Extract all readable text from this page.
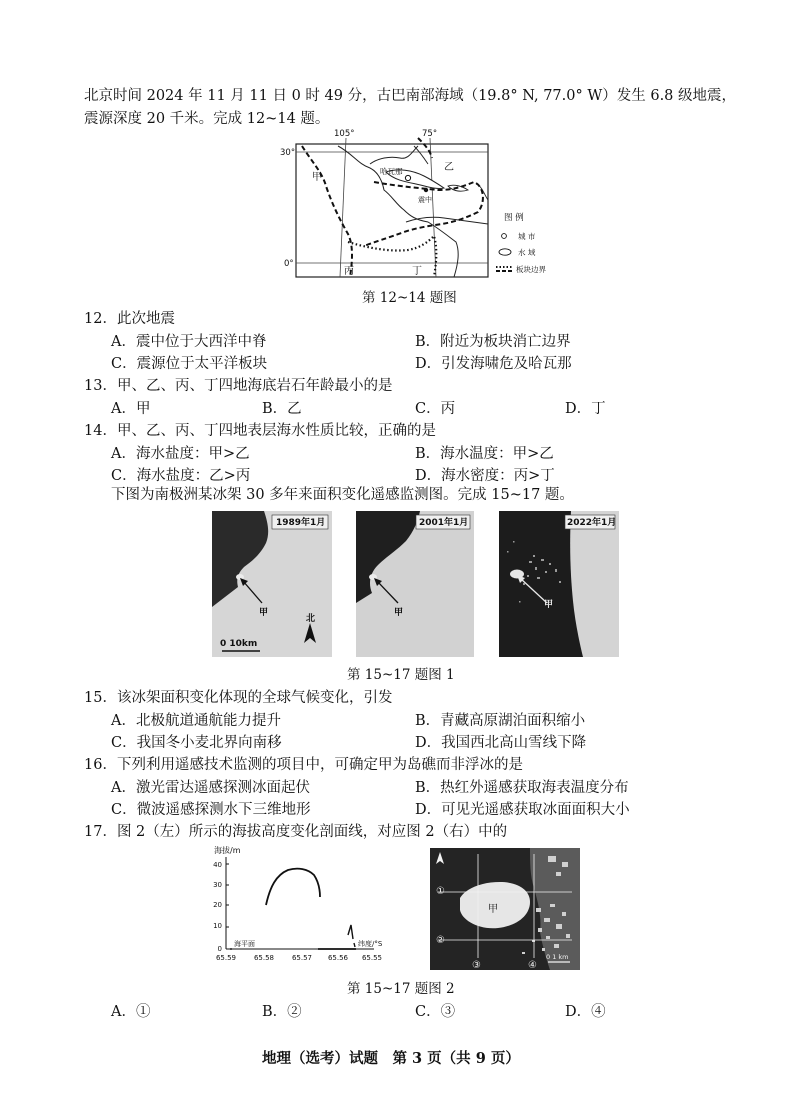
北京时间 2024 年 11 月 11 日 0 时 49 分，古巴南部海域（19.8° N, 77.0° W）发生 6.8 级地震，
震源深度 20 千米。完成 12~14 题。
105°	75°
30°
0°
甲
乙
丙	丁
哈瓦那
震中
图 例
城 市
水 域
板块边界
第 12~14 题图
12．此次地震
A．震中位于大西洋中脊	B．附近为板块消亡边界
C．震源位于太平洋板块	D．引发海啸危及哈瓦那
13．甲、乙、丙、丁四地海底岩石年龄最小的是
A．甲	B．乙	C．丙	D．丁
14．甲、乙、丙、丁四地表层海水性质比较，正确的是
A．海水盐度：甲>乙	B．海水温度：甲>乙
C．海水盐度：乙>丙	D．海水密度：丙>丁
下图为南极洲某冰架 30 多年来面积变化遥感监测图。完成 15~17 题。
1989年1月
甲
0 10km
北
2001年1月
甲
2022年1月
甲
第 15~17 题图 1
15．该冰架面积变化体现的全球气候变化，引发
A．北极航道通航能力提升	B．青藏高原湖泊面积缩小
C．我国冬小麦北界向南移	D．我国西北高山雪线下降
16．下列利用遥感技术监测的项目中，可确定甲为岛礁而非浮冰的是
A．激光雷达遥感探测冰面起伏	B．热红外遥感获取海表温度分布
C．微波遥感探测水下三维地形	D．可见光遥感获取冰面面积大小
17．图 2（左）所示的海拔高度变化剖面线，对应图 2（右）中的
海拔/m
40
30
20
10
0
海平面
65.59	65.58	65.57 65.56 65.55
纬度/°S
甲
①
②
③	④
0 1 km
第 15~17 题图 2
A．①	B．②	C．③	D．④
地理（选考）试题　第 3 页（共 9 页）
